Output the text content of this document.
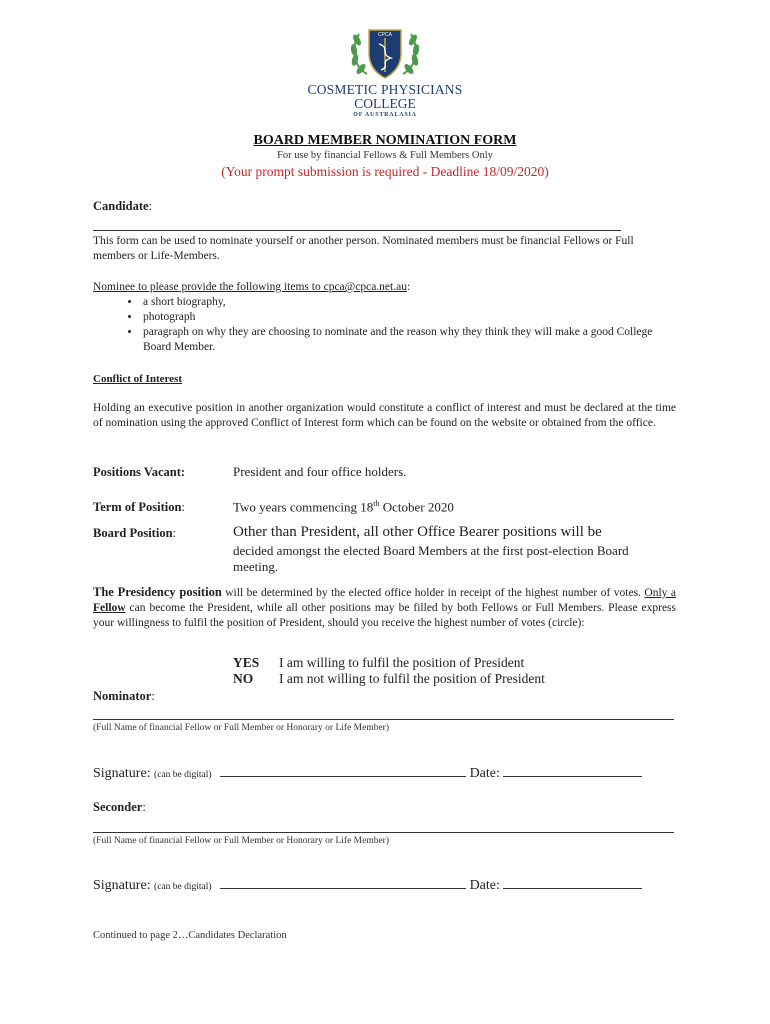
CPCA
COSMETIC PHYSICIANS
COLLEGE
OF AUSTRALASIA
BOARD MEMBER NOMINATION FORM
For use by financial Fellows & Full Members Only
(Your prompt submission is required - Deadline 18/09/2020)
Candidate:
This form can be used to nominate yourself or another person. Nominated members must be financial Fellows or Full members or Life-Members.
Nominee to please provide the following items to cpca@cpca.net.au:
• a short biography,
• photograph
• paragraph on why they are choosing to nominate and the reason why they think they will make a good College Board Member.
Conflict of Interest
Holding an executive position in another organization would constitute a conflict of interest and must be declared at the time of nomination using the approved Conflict of Interest form which can be found on the website or obtained from the office.
Positions Vacant:	President and four office holders.
Term of Position:	Two years commencing 18th October 2020
Board Position:	Other than President, all other Office Bearer positions will be
decided amongst the elected Board Members at the first post-election Board meeting.
The Presidency position will be determined by the elected office holder in receipt of the highest number of votes. Only a Fellow can become the President, while all other positions may be filled by both Fellows or Full Members. Please express your willingness to fulfil the position of President, should you receive the highest number of votes (circle):
YES I am willing to fulfil the position of President
NO I am not willing to fulfil the position of President
Nominator:
(Full Name of financial Fellow or Full Member or Honorary or Life Member)
Signature: (can be digital)	Date:
Seconder:
(Full Name of financial Fellow or Full Member or Honorary or Life Member)
Signature: (can be digital)	Date:
Continued to page 2…Candidates Declaration
